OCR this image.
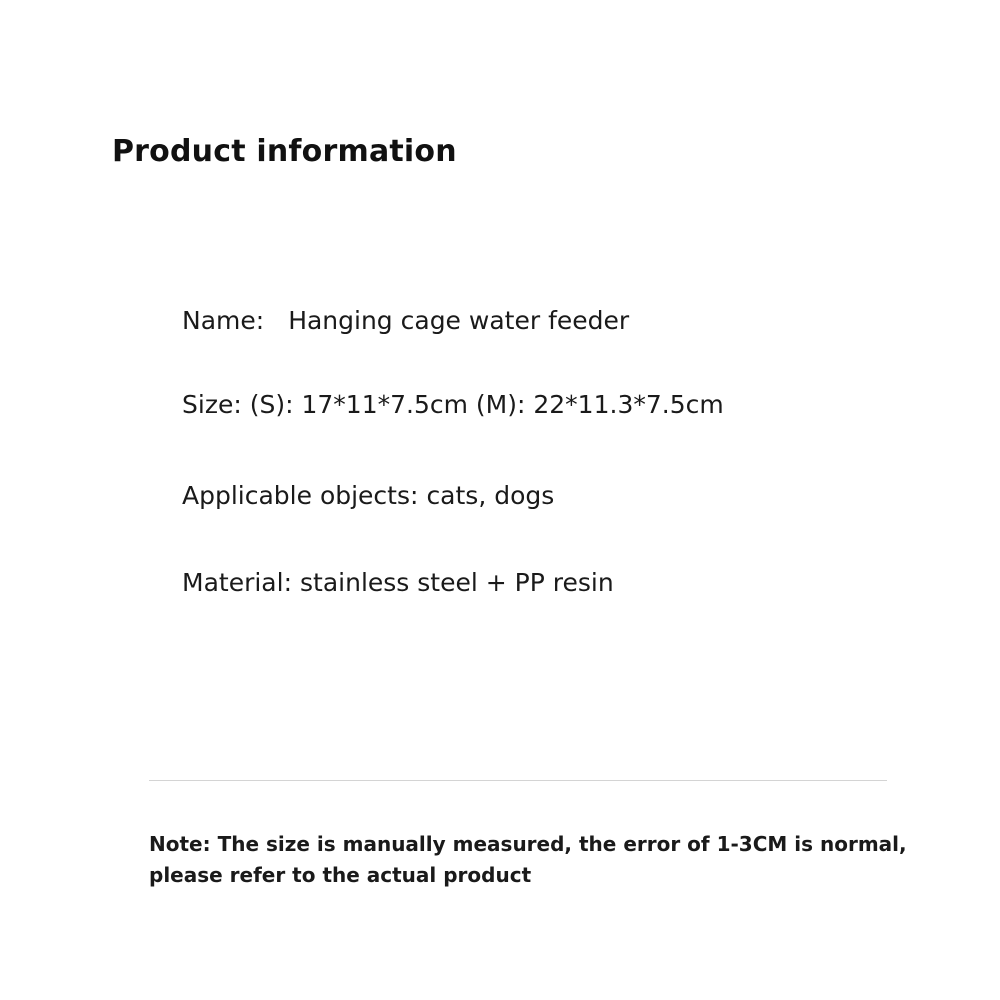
Product information
Name: Hanging cage water feeder
Size: (S): 17*11*7.5cm (M): 22*11.3*7.5cm
Applicable objects: cats, dogs
Material: stainless steel + PP resin

Note: The size is manually measured, the error of 1-3CM is normal,
please refer to the actual product
